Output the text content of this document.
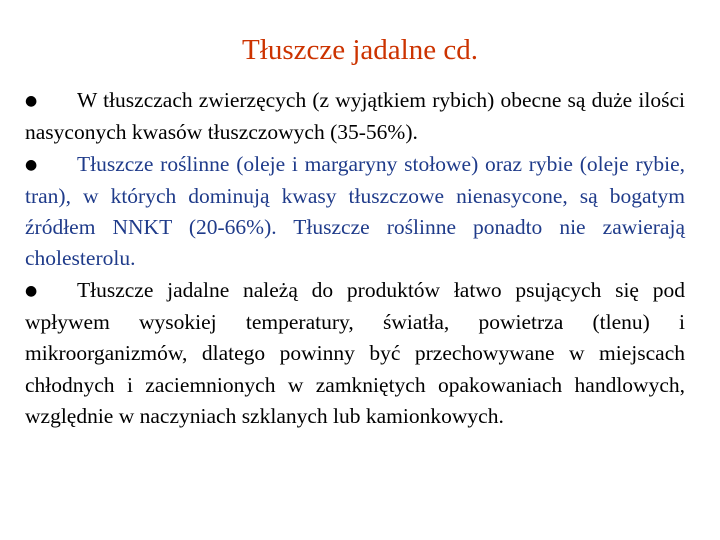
Tłuszcze jadalne cd.

● W tłuszczach zwierzęcych (z wyjątkiem rybich) obecne są duże ilości nasyconych kwasów tłuszczowych (35-56%).

● Tłuszcze roślinne (oleje i margaryny stołowe) oraz rybie (oleje rybie, tran), w których dominują kwasy tłuszczowe nienasycone, są bogatym źródłem NNKT (20-66%). Tłuszcze roślinne ponadto nie zawierają cholesterolu.

● Tłuszcze jadalne należą do produktów łatwo psujących się pod wpływem wysokiej temperatury, światła, powietrza (tlenu) i mikroorganizmów, dlatego powinny być przechowywane w miejscach chłodnych i zaciemnionych w zamkniętych opakowaniach handlowych, względnie w naczyniach szklanych lub kamionkowych.
